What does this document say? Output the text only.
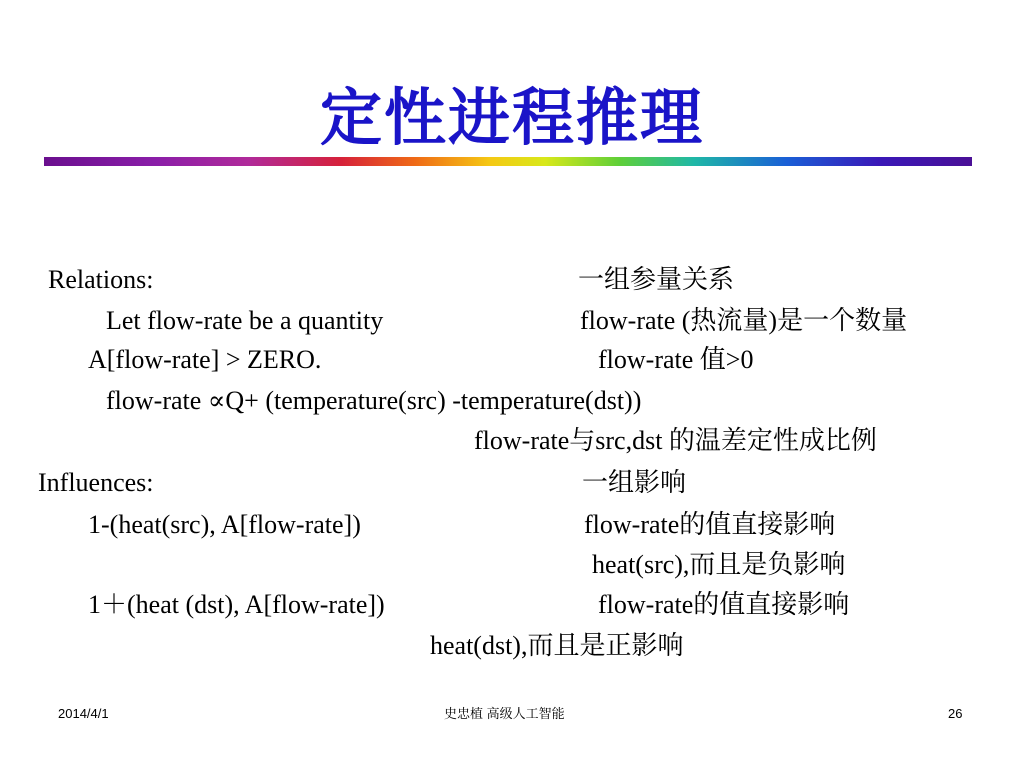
定性进程推理
Relations:	一组参量关系
Let flow-rate be a quantity	flow-rate (热流量)是一个数量
A[flow-rate] > ZERO.	flow-rate 值>0
flow-rate ∝Q+ (temperature(src) -temperature(dst))
flow-rate与src,dst 的温差定性成比例
Influences:	一组影响
1-(heat(src), A[flow-rate])	flow-rate的值直接影响
heat(src),而且是负影响
1＋(heat (dst), A[flow-rate])	flow-rate的值直接影响
heat(dst),而且是正影响
2014/4/1	史忠植 高级人工智能	26
